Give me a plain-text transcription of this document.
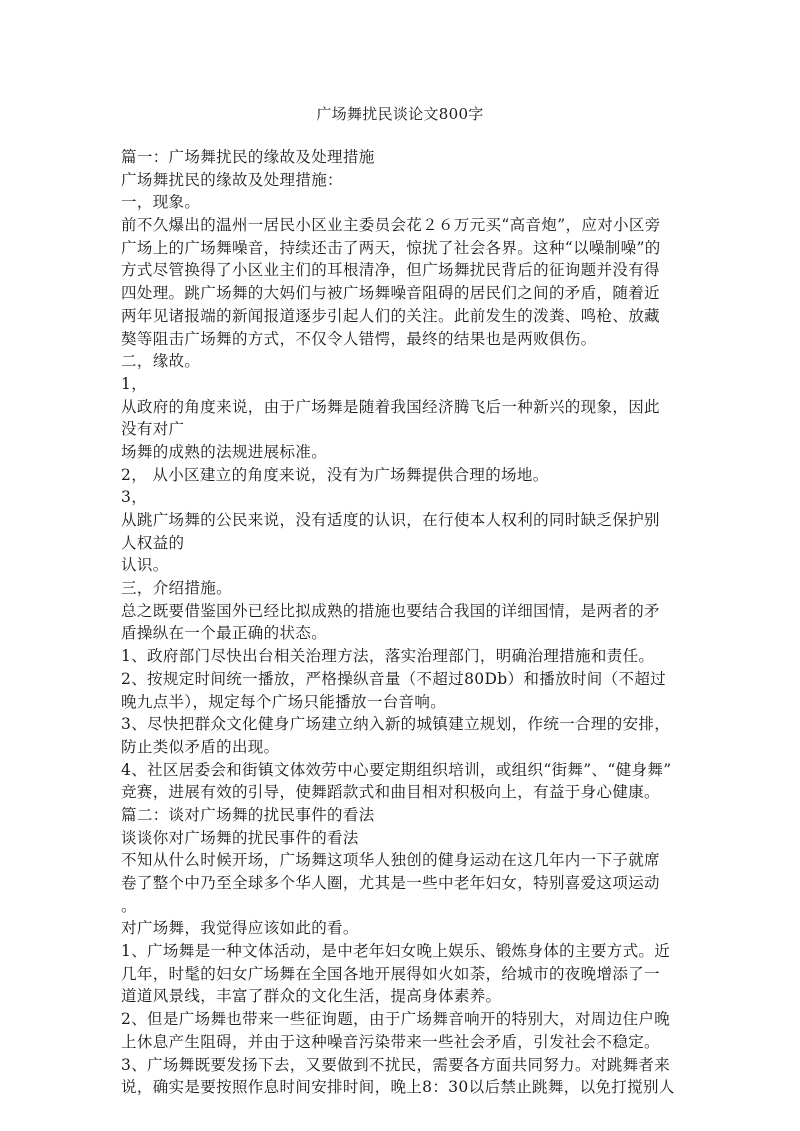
广场舞扰民谈论文800字
篇一：广场舞扰民的缘故及处理措施
广场舞扰民的缘故及处理措施：
一，现象。
前不久爆出的温州一居民小区业主委员会花２６万元买“高音炮”，应对小区旁
广场上的广场舞噪音，持续还击了两天，惊扰了社会各界。这种“以噪制噪”的
方式尽管换得了小区业主们的耳根清净，但广场舞扰民背后的征询题并没有得
四处理。跳广场舞的大妈们与被广场舞噪音阻碍的居民们之间的矛盾，随着近
两年见诸报端的新闻报道逐步引起人们的关注。此前发生的泼粪、鸣枪、放藏
獒等阻击广场舞的方式，不仅令人错愕，最终的结果也是两败俱伤。
二，缘故。
1，
从政府的角度来说，由于广场舞是随着我国经济腾飞后一种新兴的现象，因此
没有对广
场舞的成熟的法规进展标准。
2， 从小区建立的角度来说，没有为广场舞提供合理的场地。
3，
从跳广场舞的公民来说，没有适度的认识，在行使本人权利的同时缺乏保护别
人权益的
认识。
三，介绍措施。
总之既要借鉴国外已经比拟成熟的措施也要结合我国的详细国情，是两者的矛
盾操纵在一个最正确的状态。
1、政府部门尽快出台相关治理方法，落实治理部门，明确治理措施和责任。
2、按规定时间统一播放，严格操纵音量（不超过80Db）和播放时间（不超过
晚九点半），规定每个广场只能播放一台音响。
3、尽快把群众文化健身广场建立纳入新的城镇建立规划，作统一合理的安排，
防止类似矛盾的出现。
4、社区居委会和街镇文体效劳中心要定期组织培训，或组织“街舞”、“健身舞”
竞赛，进展有效的引导，使舞蹈款式和曲目相对积极向上，有益于身心健康。
篇二：谈对广场舞的扰民事件的看法
谈谈你对广场舞的扰民事件的看法
不知从什么时候开场，广场舞这项华人独创的健身运动在这几年内一下子就席
卷了整个中乃至全球多个华人圈，尤其是一些中老年妇女，特别喜爱这项运动
。
对广场舞，我觉得应该如此的看。
1、广场舞是一种文体活动，是中老年妇女晚上娱乐、锻炼身体的主要方式。近
几年，时髦的妇女广场舞在全国各地开展得如火如荼，给城市的夜晚增添了一
道道风景线，丰富了群众的文化生活，提高身体素养。
2、但是广场舞也带来一些征询题，由于广场舞音响开的特别大，对周边住户晚
上休息产生阻碍，并由于这种噪音污染带来一些社会矛盾，引发社会不稳定。
3、广场舞既要发扬下去，又要做到不扰民，需要各方面共同努力。对跳舞者来
说，确实是要按照作息时间安排时间，晚上8：30以后禁止跳舞，以免打搅别人
